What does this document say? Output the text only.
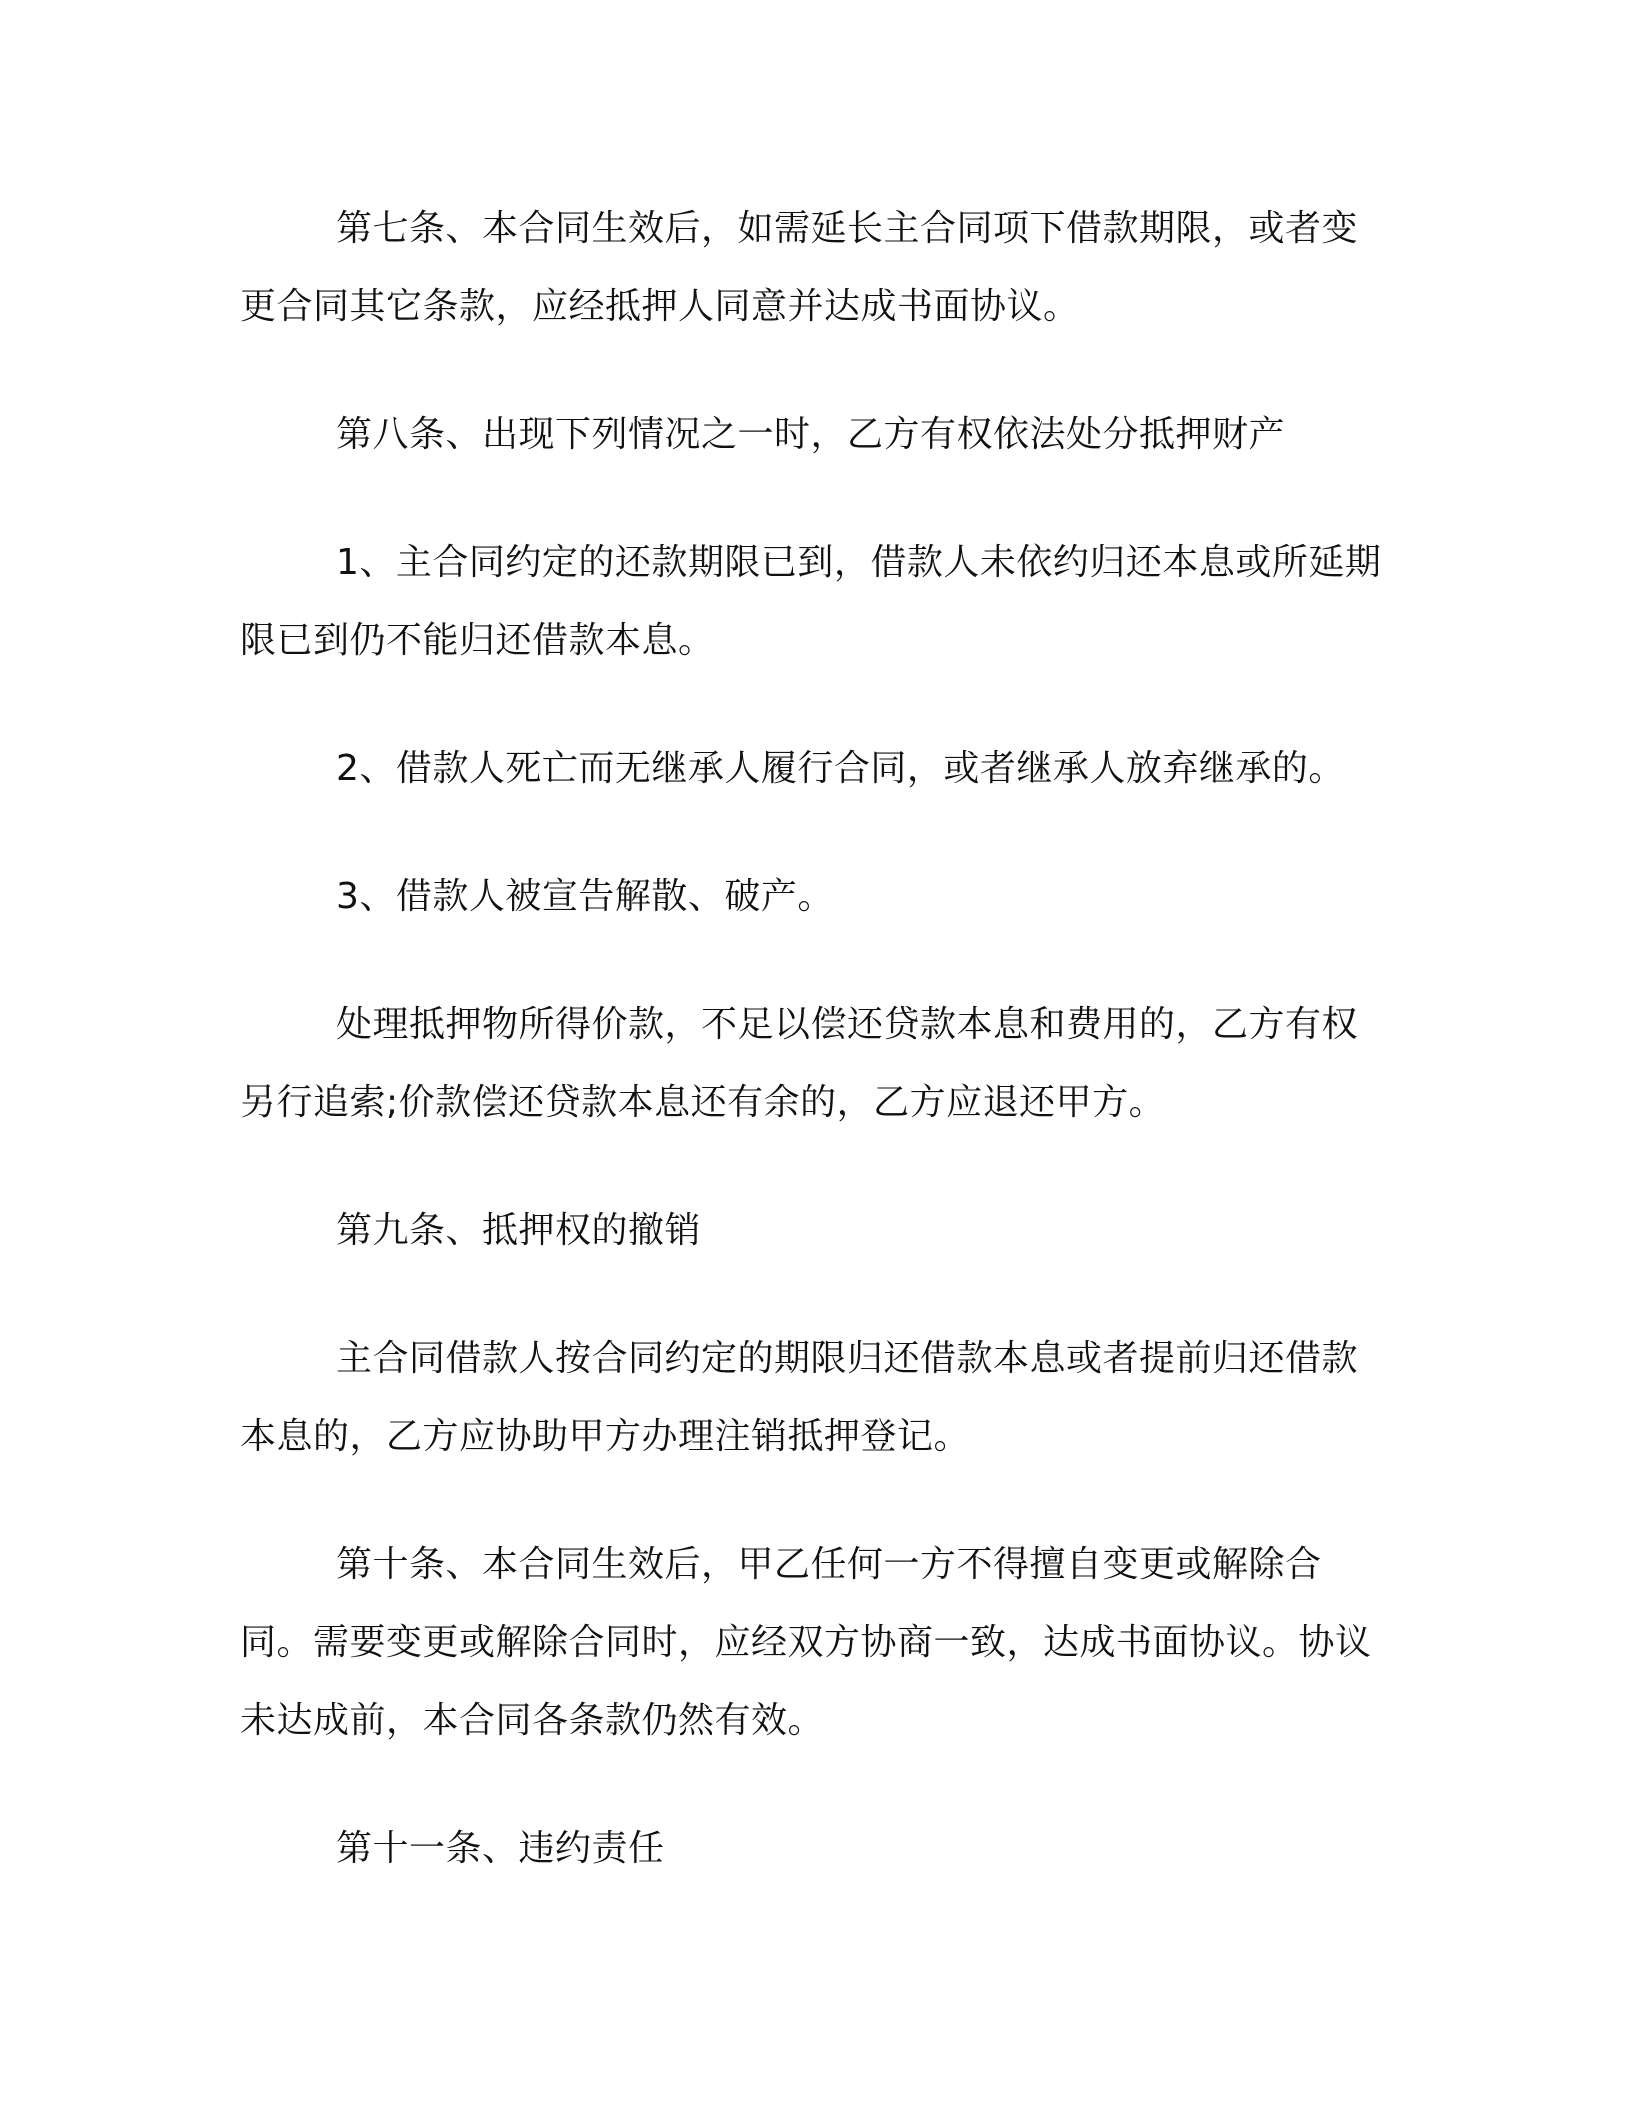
第七条、本合同生效后，如需延长主合同项下借款期限，或者变更合同其它条款，应经抵押人同意并达成书面协议。

第八条、出现下列情况之一时，乙方有权依法处分抵押财产

1、主合同约定的还款期限已到，借款人未依约归还本息或所延期限已到仍不能归还借款本息。

2、借款人死亡而无继承人履行合同，或者继承人放弃继承的。

3、借款人被宣告解散、破产。

处理抵押物所得价款，不足以偿还贷款本息和费用的，乙方有权另行追索;价款偿还贷款本息还有余的，乙方应退还甲方。

第九条、抵押权的撤销

主合同借款人按合同约定的期限归还借款本息或者提前归还借款本息的，乙方应协助甲方办理注销抵押登记。

第十条、本合同生效后，甲乙任何一方不得擅自变更或解除合同。需要变更或解除合同时，应经双方协商一致，达成书面协议。协议未达成前，本合同各条款仍然有效。

第十一条、违约责任
